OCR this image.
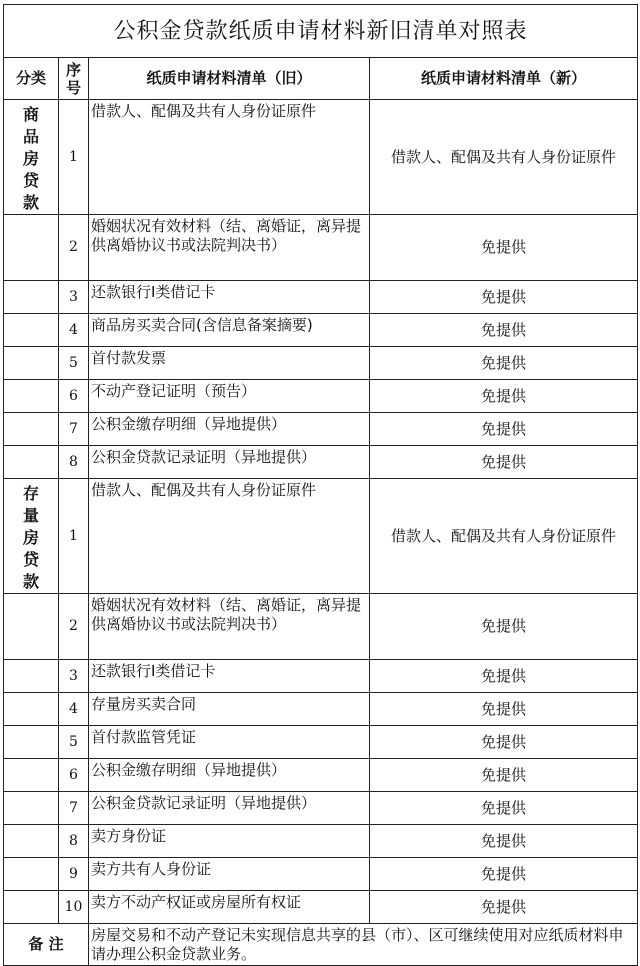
公积金贷款纸质申请材料新旧清单对照表			
分类	序号	纸质申请材料清单（旧）	纸质申请材料清单（新）
商品房贷款	1	借款人、配偶及共有人身份证原件	借款人、配偶及共有人身份证原件
	2	婚姻状况有效材料（结、离婚证，离异提供离婚协议书或法院判决书）	免提供
	3	还款银行I类借记卡	免提供
	4	商品房买卖合同(含信息备案摘要)	免提供
	5	首付款发票	免提供
	6	不动产登记证明（预告）	免提供
	7	公积金缴存明细（异地提供）	免提供
	8	公积金贷款记录证明（异地提供）	免提供
存量房贷款	1	借款人、配偶及共有人身份证原件	借款人、配偶及共有人身份证原件
	2	婚姻状况有效材料（结、离婚证，离异提供离婚协议书或法院判决书）	免提供
	3	还款银行I类借记卡	免提供
	4	存量房买卖合同	免提供
	5	首付款监管凭证	免提供
	6	公积金缴存明细（异地提供）	免提供
	7	公积金贷款记录证明（异地提供）	免提供
	8	卖方身份证	免提供
	9	卖方共有人身份证	免提供
	10	卖方不动产权证或房屋所有权证	免提供
备 注		房屋交易和不动产登记未实现信息共享的县（市）、区可继续使用对应纸质材料申请办理公积金贷款业务。	
